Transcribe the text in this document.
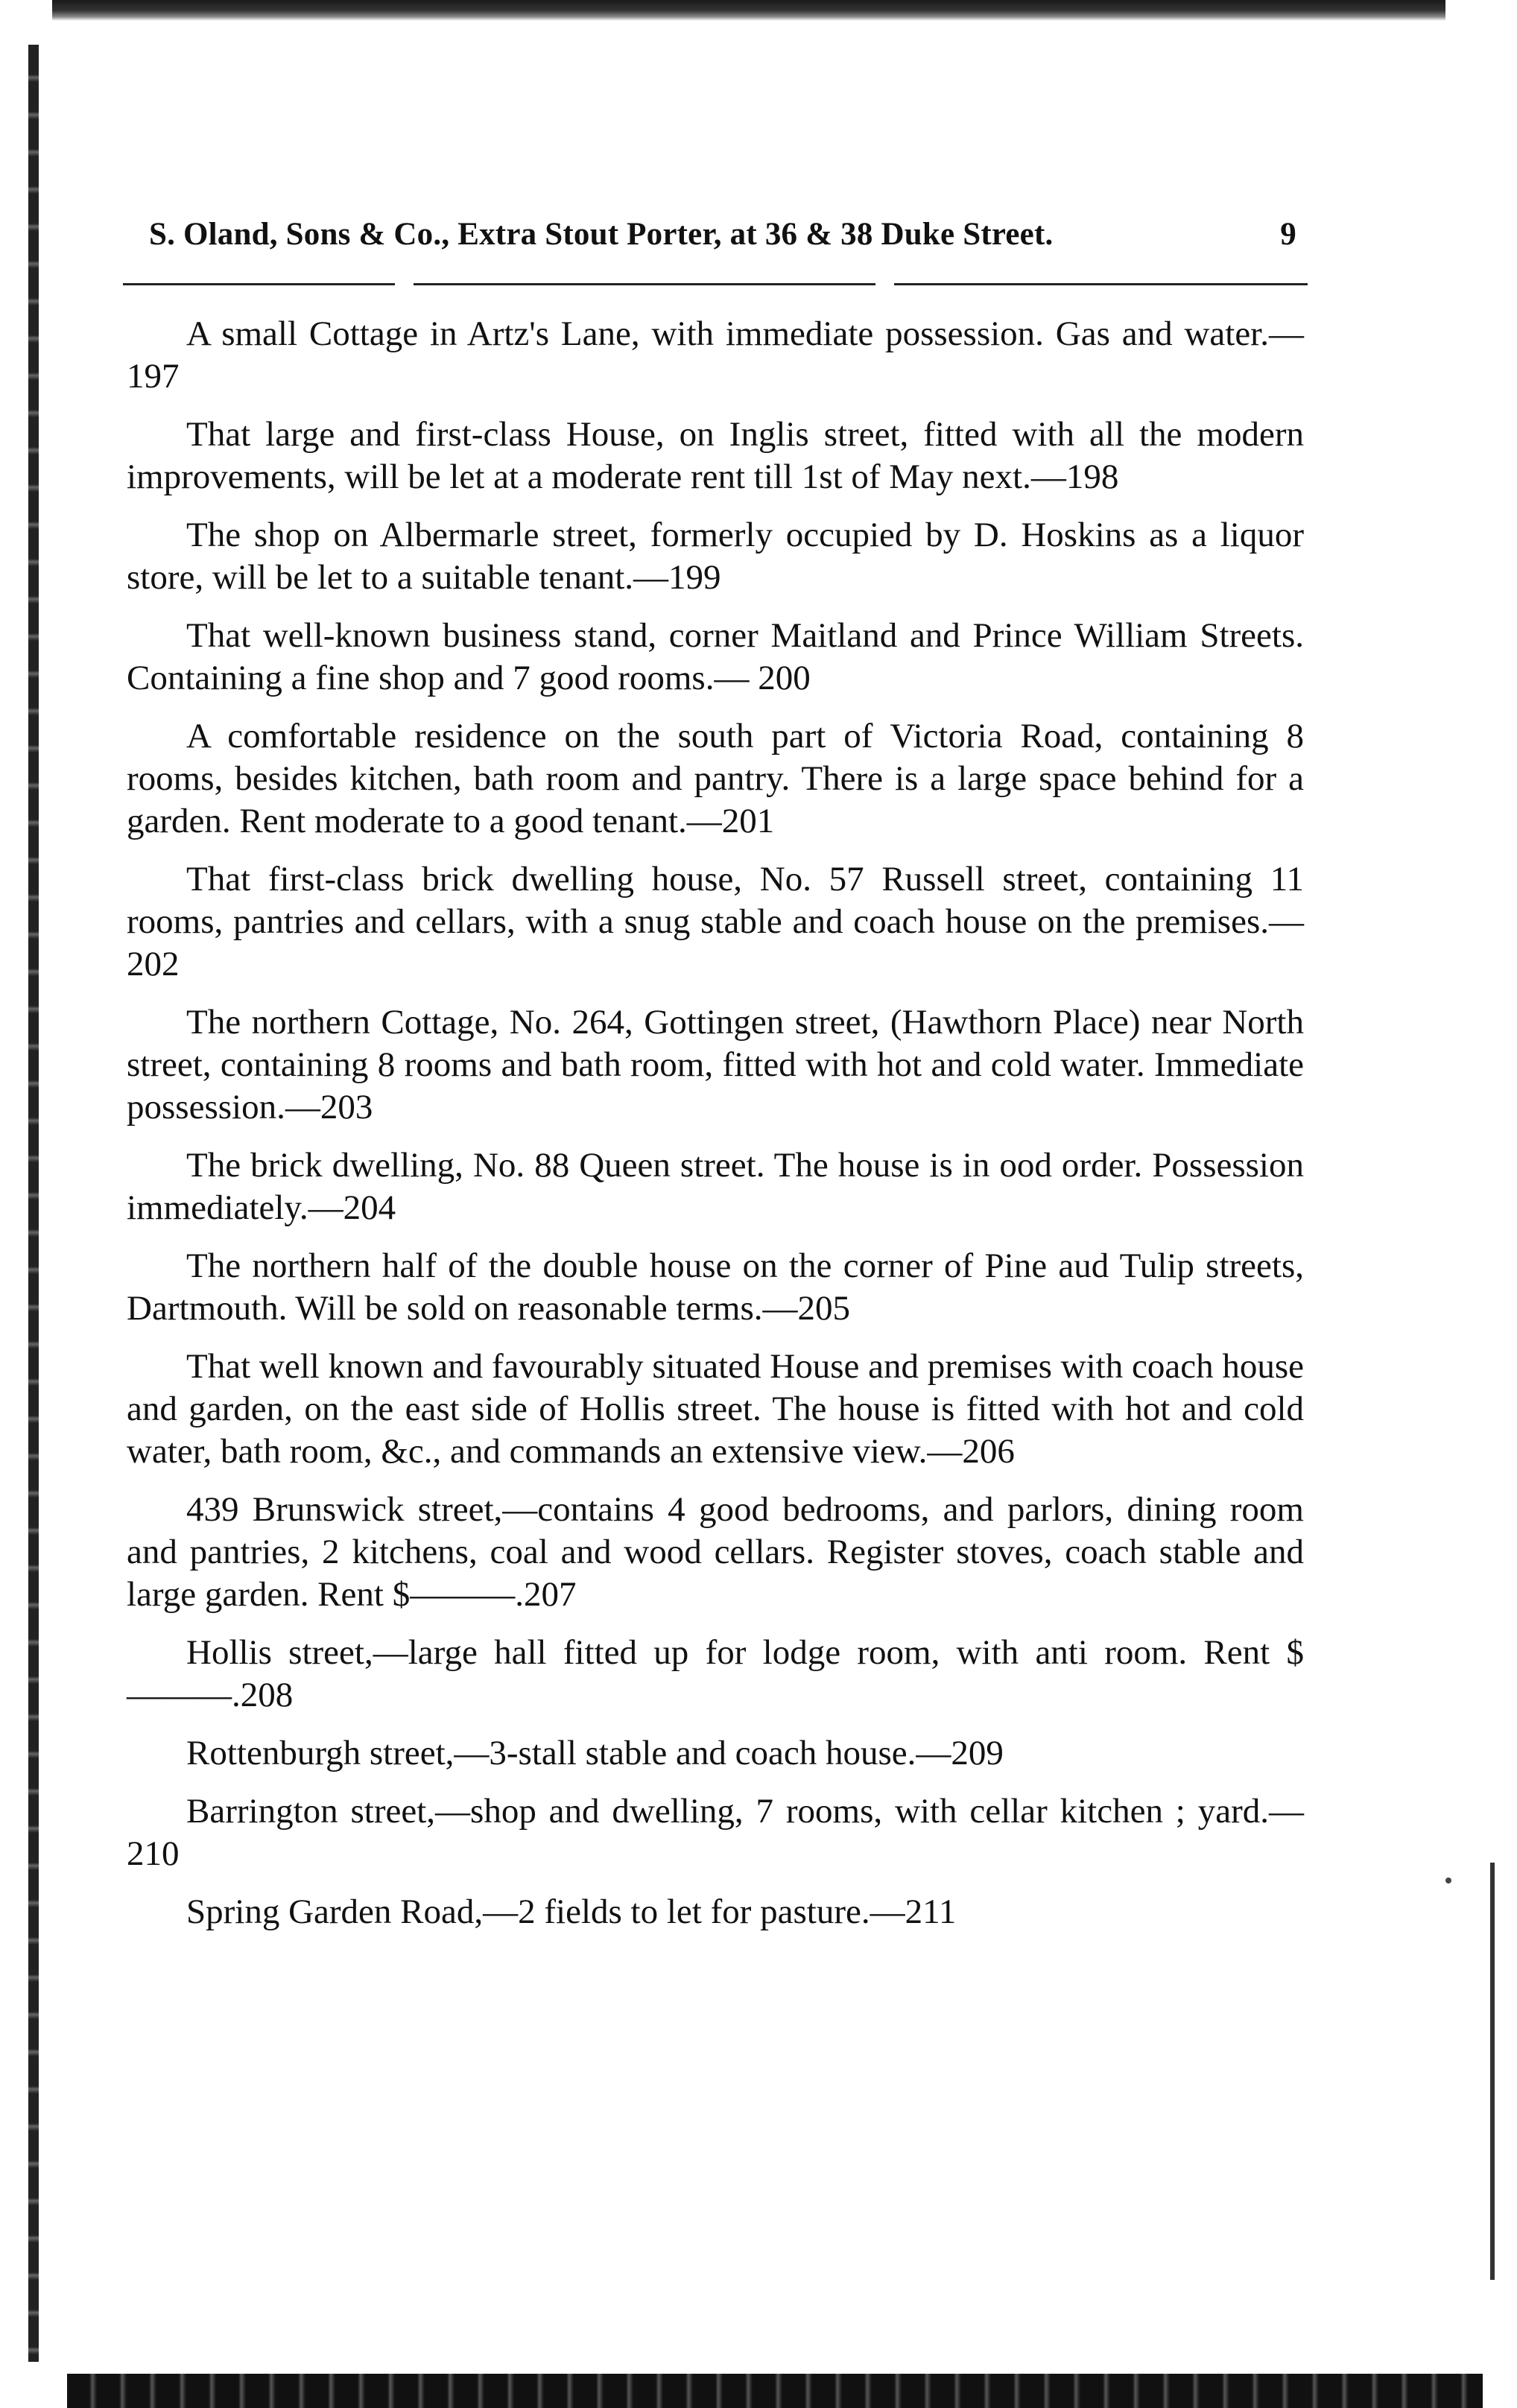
S. Oland, Sons & Co., Extra Stout Porter, at 36 & 38 Duke Street.	9

A small Cottage in Artz's Lane, with immediate possession. Gas and water.—197

That large and first-class House, on Inglis street, fitted with all the modern improvements, will be let at a moderate rent till 1st of May next.—198

The shop on Albermarle street, formerly occupied by D. Hoskins as a liquor store, will be let to a suitable tenant.—199

That well-known business stand, corner Maitland and Prince William Streets. Containing a fine shop and 7 good rooms.— 200

A comfortable residence on the south part of Victoria Road, containing 8 rooms, besides kitchen, bath room and pantry. There is a large space behind for a garden. Rent moderate to a good tenant.—201

That first-class brick dwelling house, No. 57 Russell street, containing 11 rooms, pantries and cellars, with a snug stable and coach house on the premises.—202

The northern Cottage, No. 264, Gottingen street, (Hawthorn Place) near North street, containing 8 rooms and bath room, fitted with hot and cold water. Immediate possession.—203

The brick dwelling, No. 88 Queen street. The house is in ood order. Possession immediately.—204

The northern half of the double house on the corner of Pine aud Tulip streets, Dartmouth. Will be sold on reasonable terms.—205

That well known and favourably situated House and premises with coach house and garden, on the east side of Hollis street. The house is fitted with hot and cold water, bath room, &c., and commands an extensive view.—206

439 Brunswick street,—contains 4 good bedrooms, and parlors, dining room and pantries, 2 kitchens, coal and wood cellars. Register stoves, coach stable and large garden. Rent $———.207

Hollis street,—large hall fitted up for lodge room, with anti room. Rent $———.208

Rottenburgh street,—3-stall stable and coach house.—209

Barrington street,—shop and dwelling, 7 rooms, with cellar kitchen ; yard.—210

Spring Garden Road,—2 fields to let for pasture.—211
